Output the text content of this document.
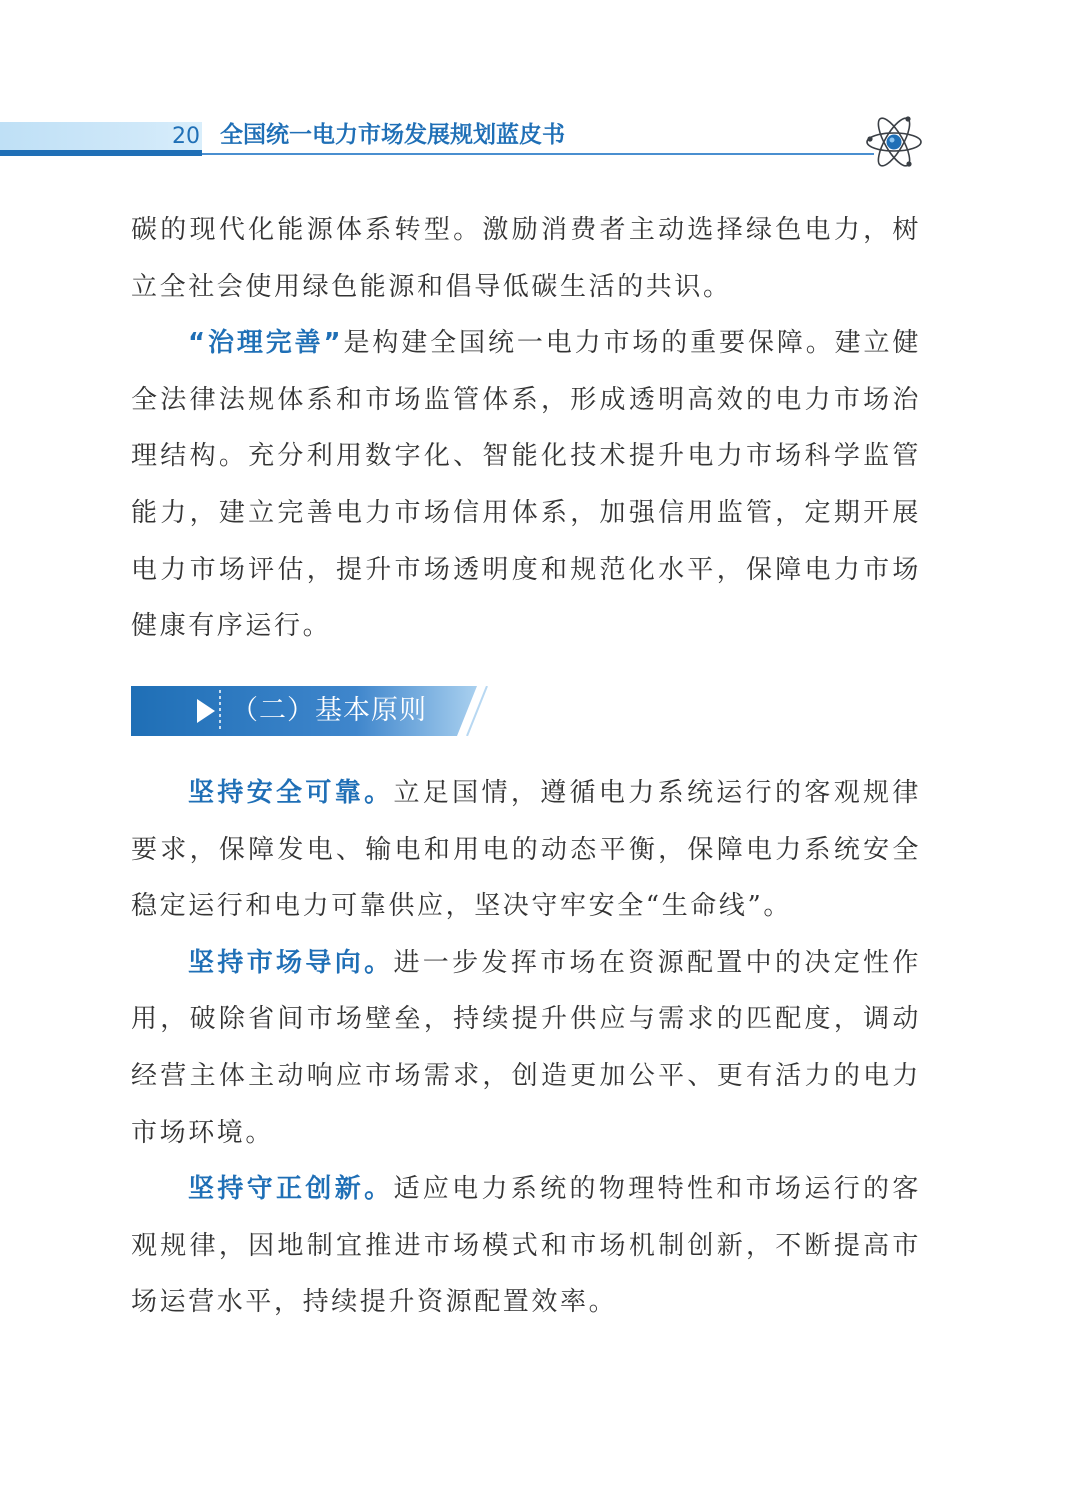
20 全国统一电力市场发展规划蓝皮书

碳的现代化能源体系转型。激励消费者主动选择绿色电力，树立全社会使用绿色能源和倡导低碳生活的共识。

“治理完善”是构建全国统一电力市场的重要保障。建立健全法律法规体系和市场监管体系，形成透明高效的电力市场治理结构。充分利用数字化、智能化技术提升电力市场科学监管能力，建立完善电力市场信用体系，加强信用监管，定期开展电力市场评估，提升市场透明度和规范化水平，保障电力市场健康有序运行。

（二）基本原则

坚持安全可靠。立足国情，遵循电力系统运行的客观规律要求，保障发电、输电和用电的动态平衡，保障电力系统安全稳定运行和电力可靠供应，坚决守牢安全“生命线”。

坚持市场导向。进一步发挥市场在资源配置中的决定性作用，破除省间市场壁垒，持续提升供应与需求的匹配度，调动经营主体主动响应市场需求，创造更加公平、更有活力的电力市场环境。

坚持守正创新。适应电力系统的物理特性和市场运行的客观规律，因地制宜推进市场模式和市场机制创新，不断提高市场运营水平，持续提升资源配置效率。
